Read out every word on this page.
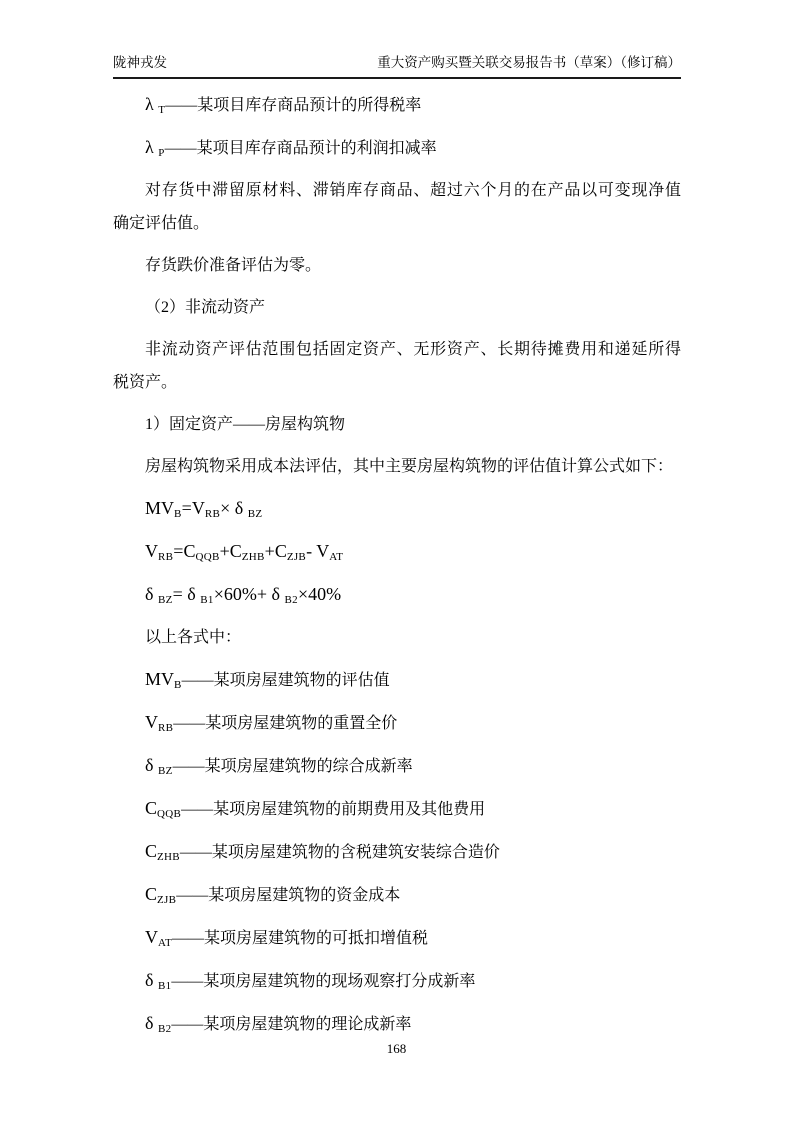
陇神戎发	重大资产购买暨关联交易报告书（草案）（修订稿）

λ $_T$——某项目库存商品预计的所得税率

λ $_P$——某项目库存商品预计的利润扣减率

对存货中滞留原材料、滞销库存商品、超过六个月的在产品以可变现净值
确定评估值。

存货跌价准备评估为零。

（2）非流动资产

非流动资产评估范围包括固定资产、无形资产、长期待摊费用和递延所得
税资产。

1）固定资产——房屋构筑物

房屋构筑物采用成本法评估，其中主要房屋构筑物的评估值计算公式如下：

$MV_B=V_{RB}\times \delta$ $_{BZ}$

$V_{RB}=C_{QQB}+C_{ZHB}+C_{ZJB}-$ $V_{AT}$

δ $_{BZ}$= δ $_{B1}$×60%+ δ $_{B2}$×40%

以上各式中：

$MV_B——$某项房屋建筑物的评估值

$V_{RB}——$某项房屋建筑物的重置全价

δ $_{BZ}$——某项房屋建筑物的综合成新率

$C_{QQB}——$某项房屋建筑物的前期费用及其他费用

$C_{ZHB}——$某项房屋建筑物的含税建筑安装综合造价

$C_{ZJB}——$某项房屋建筑物的资金成本

$V_{AT}——$某项房屋建筑物的可抵扣增值税

δ $_{B1}$——某项房屋建筑物的现场观察打分成新率

δ $_{B2}$——某项房屋建筑物的理论成新率

168
